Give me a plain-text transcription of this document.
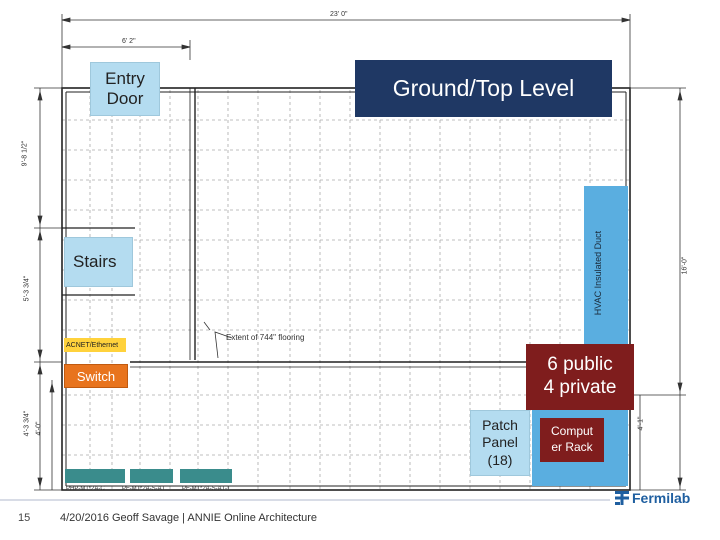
23' 0"
6' 2"
9'-8 1/2"
5'-3 3/4"
4'-3 3/4" 4'-0"
16'-0"
4'-1"
HVAC Insulated Duct
Entry
Door	Ground/Top Level
Stairs
Extent of 744" flooring
ACNET/Ethernet
Switch
6 public
4 private
Patch
Panel
(18)
Comput
er Rack
PHP-M1*2A-C	PF-M1*2A-S-A1	PF-M1*2A-S-A1-1
15	4/20/2016 Geoff Savage | ANNIE Online Architecture
Fermilab
